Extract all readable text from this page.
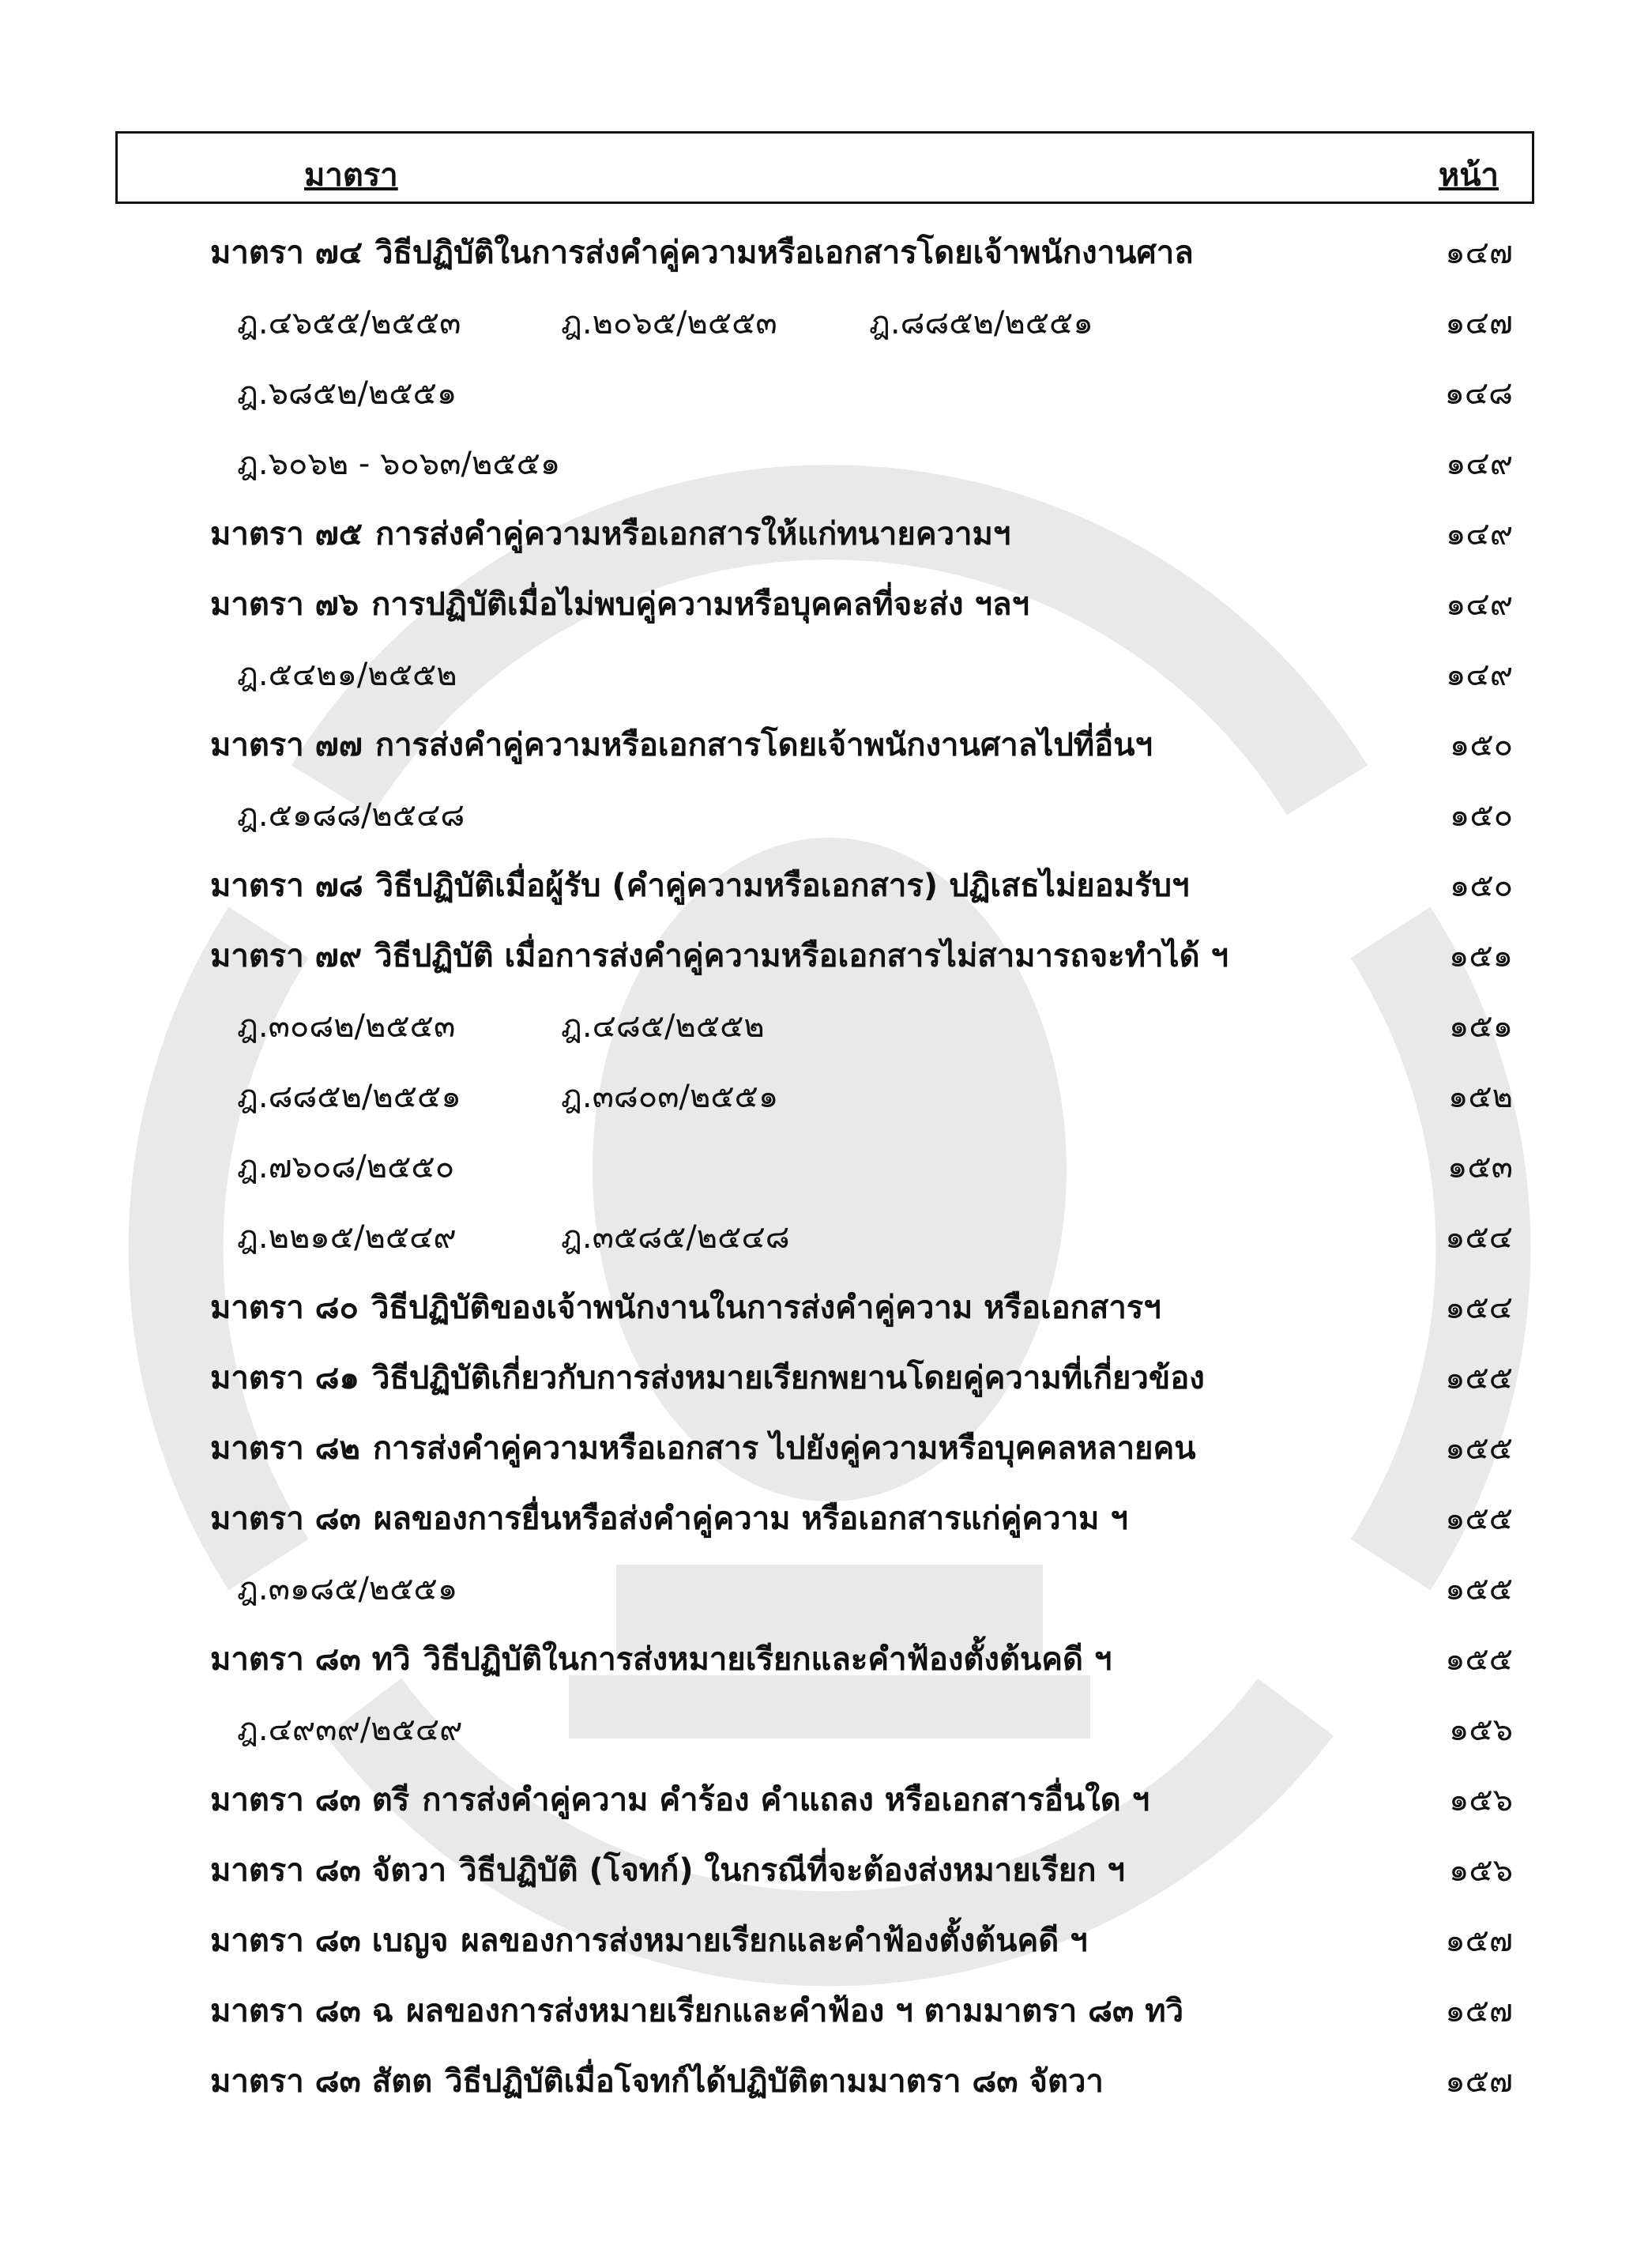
มาตรา	หน้า
มาตรา ๗๔ วิธีปฏิบัติในการส่งคำคู่ความหรือเอกสารโดยเจ้าพนักงานศาล	๑๔๗
ฎ.๔๖๕๕/๒๕๕๓	ฎ.๒๐๖๕/๒๕๕๓	ฎ.๘๘๕๒/๒๕๕๑	๑๔๗
ฎ.๖๘๕๒/๒๕๕๑	๑๔๘
ฎ.๖๐๖๒ - ๖๐๖๓/๒๕๕๑	๑๔๙
มาตรา ๗๕ การส่งคำคู่ความหรือเอกสารให้แก่ทนายความฯ	๑๔๙
มาตรา ๗๖ การปฏิบัติเมื่อไม่พบคู่ความหรือบุคคลที่จะส่ง ฯลฯ	๑๔๙
ฎ.๕๔๒๑/๒๕๕๒	๑๔๙
มาตรา ๗๗ การส่งคำคู่ความหรือเอกสารโดยเจ้าพนักงานศาลไปที่อื่นฯ	๑๕๐
ฎ.๕๑๘๘/๒๕๔๘	๑๕๐
มาตรา ๗๘ วิธีปฏิบัติเมื่อผู้รับ (คำคู่ความหรือเอกสาร) ปฏิเสธไม่ยอมรับฯ	๑๕๐
มาตรา ๗๙ วิธีปฏิบัติ เมื่อการส่งคำคู่ความหรือเอกสารไม่สามารถจะทำได้ ฯ	๑๕๑
ฎ.๓๐๘๒/๒๕๕๓	ฎ.๔๘๕/๒๕๕๒	๑๕๑
ฎ.๘๘๕๒/๒๕๕๑	ฎ.๓๘๐๓/๒๕๕๑	๑๕๒
ฎ.๗๖๐๘/๒๕๕๐	๑๕๓
ฎ.๒๒๑๕/๒๕๔๙	ฎ.๓๕๘๕/๒๕๔๘	๑๕๔
มาตรา ๘๐ วิธีปฏิบัติของเจ้าพนักงานในการส่งคำคู่ความ หรือเอกสารฯ	๑๕๔
มาตรา ๘๑ วิธีปฏิบัติเกี่ยวกับการส่งหมายเรียกพยานโดยคู่ความที่เกี่ยวข้อง	๑๕๕
มาตรา ๘๒ การส่งคำคู่ความหรือเอกสาร ไปยังคู่ความหรือบุคคลหลายคน	๑๕๕
มาตรา ๘๓ ผลของการยื่นหรือส่งคำคู่ความ หรือเอกสารแก่คู่ความ ฯ	๑๕๕
ฎ.๓๑๘๕/๒๕๕๑	๑๕๕
มาตรา ๘๓ ทวิ วิธีปฏิบัติในการส่งหมายเรียกและคำฟ้องตั้งต้นคดี ฯ	๑๕๕
ฎ.๔๙๓๙/๒๕๔๙	๑๕๖
มาตรา ๘๓ ตรี การส่งคำคู่ความ คำร้อง คำแถลง หรือเอกสารอื่นใด ฯ	๑๕๖
มาตรา ๘๓ จัตวา วิธีปฏิบัติ (โจทก์) ในกรณีที่จะต้องส่งหมายเรียก ฯ	๑๕๖
มาตรา ๘๓ เบญจ ผลของการส่งหมายเรียกและคำฟ้องตั้งต้นคดี ฯ	๑๕๗
มาตรา ๘๓ ฉ ผลของการส่งหมายเรียกและคำฟ้อง ฯ ตามมาตรา ๘๓ ทวิ	๑๕๗
มาตรา ๘๓ สัตต วิธีปฏิบัติเมื่อโจทก์ได้ปฏิบัติตามมาตรา ๘๓ จัตวา	๑๕๗
